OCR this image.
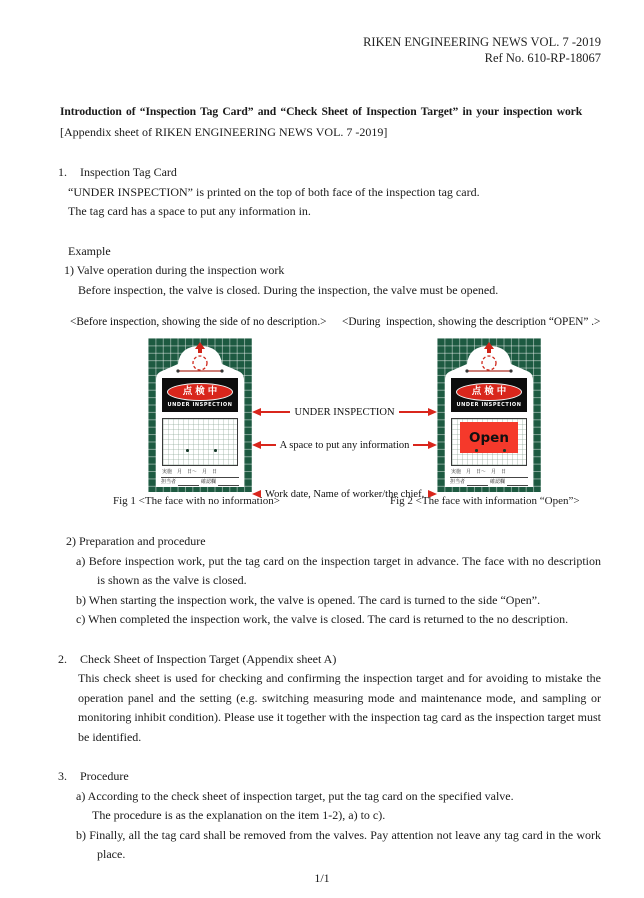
RIKEN ENGINEERING NEWS VOL. 7 -2019

Ref No. 610-RP-18067

Introduction of “Inspection Tag Card” and “Check Sheet of Inspection Target” in your inspection work

[Appendix sheet of RIKEN ENGINEERING NEWS VOL. 7 -2019]

1. Inspection Tag Card

“UNDER INSPECTION” is printed on the top of both face of the inspection tag card.

The tag card has a space to put any information in.

Example

1) Valve operation during the inspection work

Before inspection, the valve is closed. During the inspection, the valve must be opened.

<Before inspection, showing the side of no description.> <During  inspection, showing the description “OPEN” .>
点検中
UNDER INSPECTION
実施　月　日～　月　日
担当者	確認欄
点検中
UNDER INSPECTION
Open
実施　月　日～　月　日
担当者	確認欄
UNDER INSPECTION
A space to put any information
Work date, Name of worker/the chief.
Fig 1 <The face with no information>	Fig 2 <The face with information “Open”>

2) Preparation and procedure

a) Before inspection work, put the tag card on the inspection target in advance. The face with no description is shown as the valve is closed.

b) When starting the inspection work, the valve is opened. The card is turned to the side “Open”.

c) When completed the inspection work, the valve is closed. The card is returned to the no description.

2. Check Sheet of Inspection Target (Appendix sheet A)

This check sheet is used for checking and confirming the inspection target and for avoiding to mistake the operation panel and the setting (e.g. switching measuring mode and maintenance mode, and sampling or monitoring inhibit condition). Please use it together with the inspection tag card as the inspection target must be identified.

3. Procedure

a) According to the check sheet of inspection target, put the tag card on the specified valve.

The procedure is as the explanation on the item 1-2), a) to c).

b) Finally, all the tag card shall be removed from the valves. Pay attention not leave any tag card in the work place.

1/1
